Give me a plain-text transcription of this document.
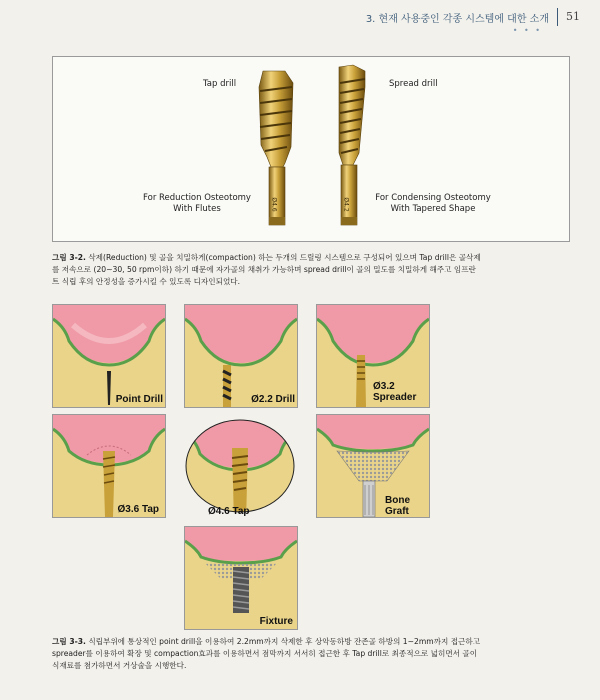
3. 현재 사용중인 각종 시스템에 대한 소개	51
• • •
Tap drill	Spread drill
For Reduction Osteotomy
With Flutes
For Condensing Osteotomy
With Tapered Shape
Ø4.6	Ø4.2
그림 3-2. 삭제(Reduction) 및 골을 치밀하게(compaction) 하는 두개의 드릴링 시스템으로 구성되어 있으며 Tap drill은 골삭제
를 저속으로 (20~30, 50 rpm이하) 하기 때문에 자가골의 채취가 가능하며 spread drill이 골의 밀도를 치밀하게 해주고 임프란
트 식립 후의 안정성을 증가시킬 수 있도록 디자인되었다.
Point Drill	Ø2.2 Drill
Ø3.2
Spreader
Ø3.6 Tap	Ø4.6 Tap
Bone
Graft
Fixture
그림 3-3. 식립부위에 통상적인 point drill을 이용하여 2.2mm까지 삭제한 후 상악동하방 잔존골 하방의 1~2mm까지 접근하고
spreader를 이용하여 확장 및 compaction효과를 이용하면서 점막까지 서서히 접근한 후 Tap drill로 최종적으로 넓히면서 골이
식재료를 첨가하면서 거상술을 시행한다.
